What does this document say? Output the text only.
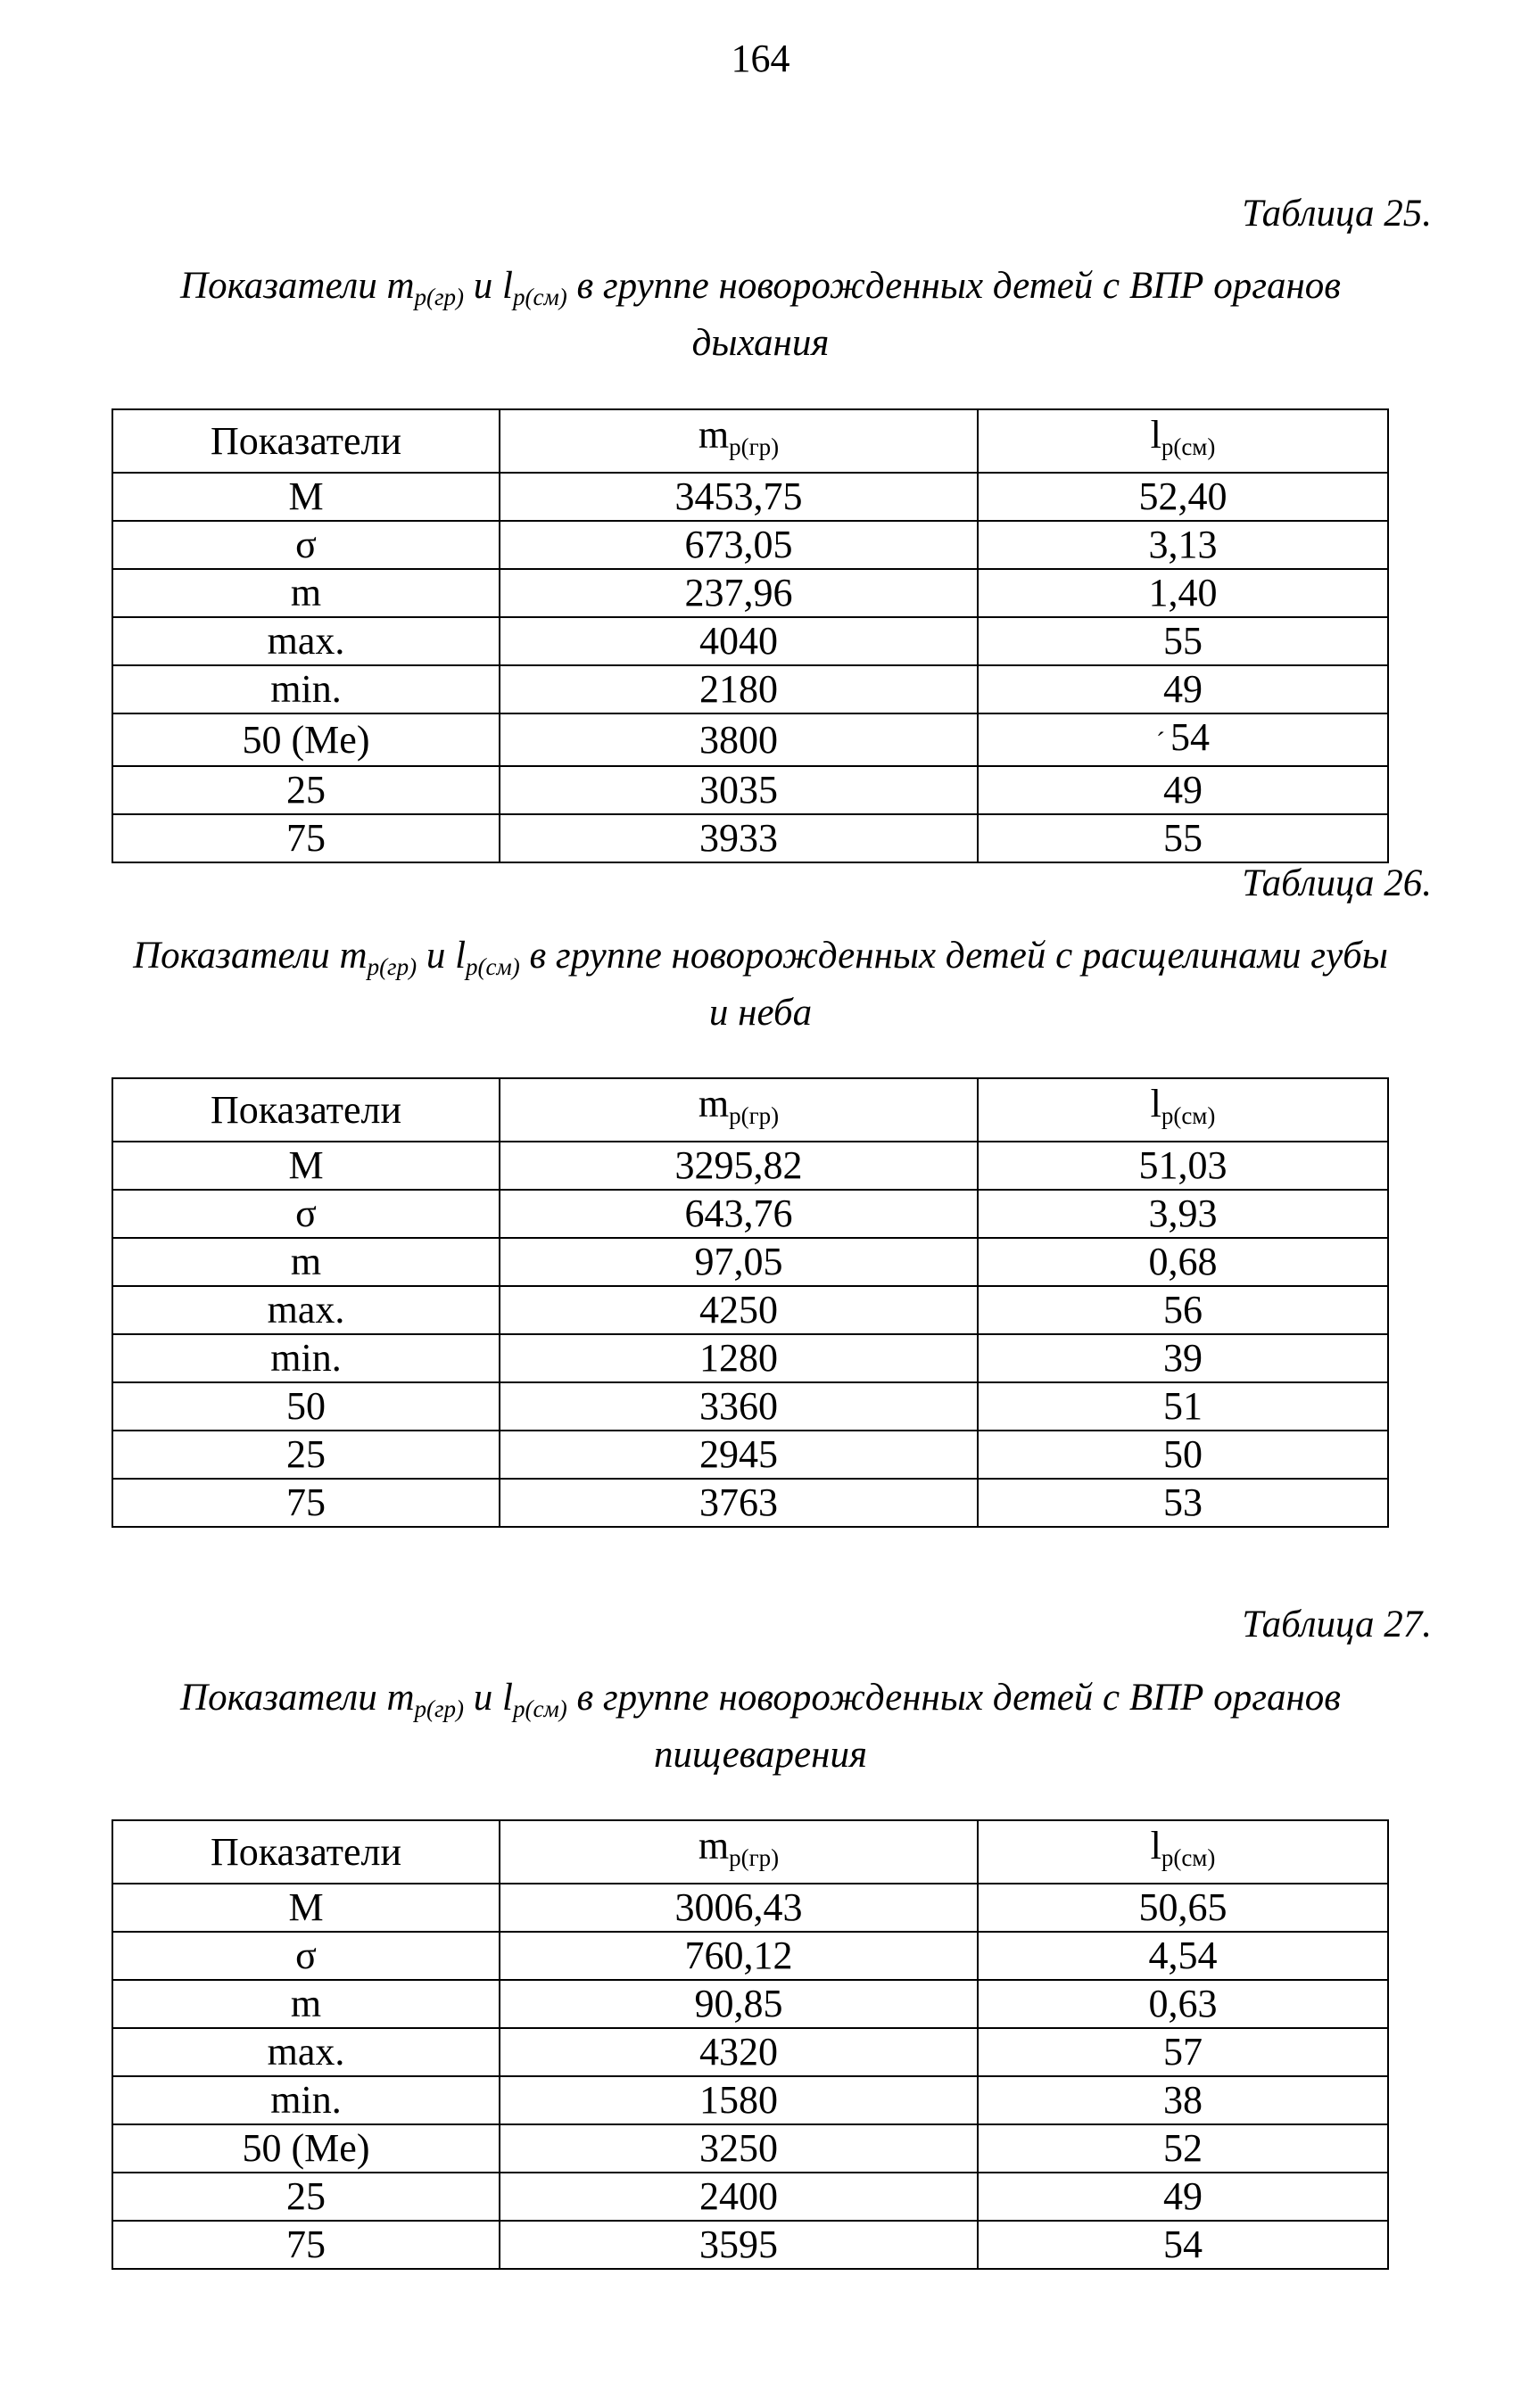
164
Таблица 25.
Показатели $m_{p(гр)}$ и $l_{p(см)}$ в группе новорожденных детей с ВПР органов
дыхания
Показатели	$m_{p(гр)}$	$l_{p(см)}$
M	3453,75	52,40
σ	673,05	3,13
m	237,96	1,40
max.	4040	55
min.	2180	49
50 (Me)	3800	ˊ 54
25	3035	49
75	3933	55
Таблица 26.
Показатели $m_{p(гр)}$ и $l_{p(см)}$ в группе новорожденных детей с расщелинами губы
и неба
Показатели	$m_{p(гр)}$	$l_{p(см)}$
M	3295,82	51,03
σ	643,76	3,93
m	97,05	0,68
max.	4250	56
min.	1280	39
50	3360	51
25	2945	50
75	3763	53
Таблица 27.
Показатели $m_{p(гр)}$ и $l_{p(см)}$ в группе новорожденных детей с ВПР органов
пищеварения
Показатели	$m_{p(гр)}$	$l_{p(см)}$
M	3006,43	50,65
σ	760,12	4,54
m	90,85	0,63
max.	4320	57
min.	1580	38
50 (Me)	3250	52
25	2400	49
75	3595	54
